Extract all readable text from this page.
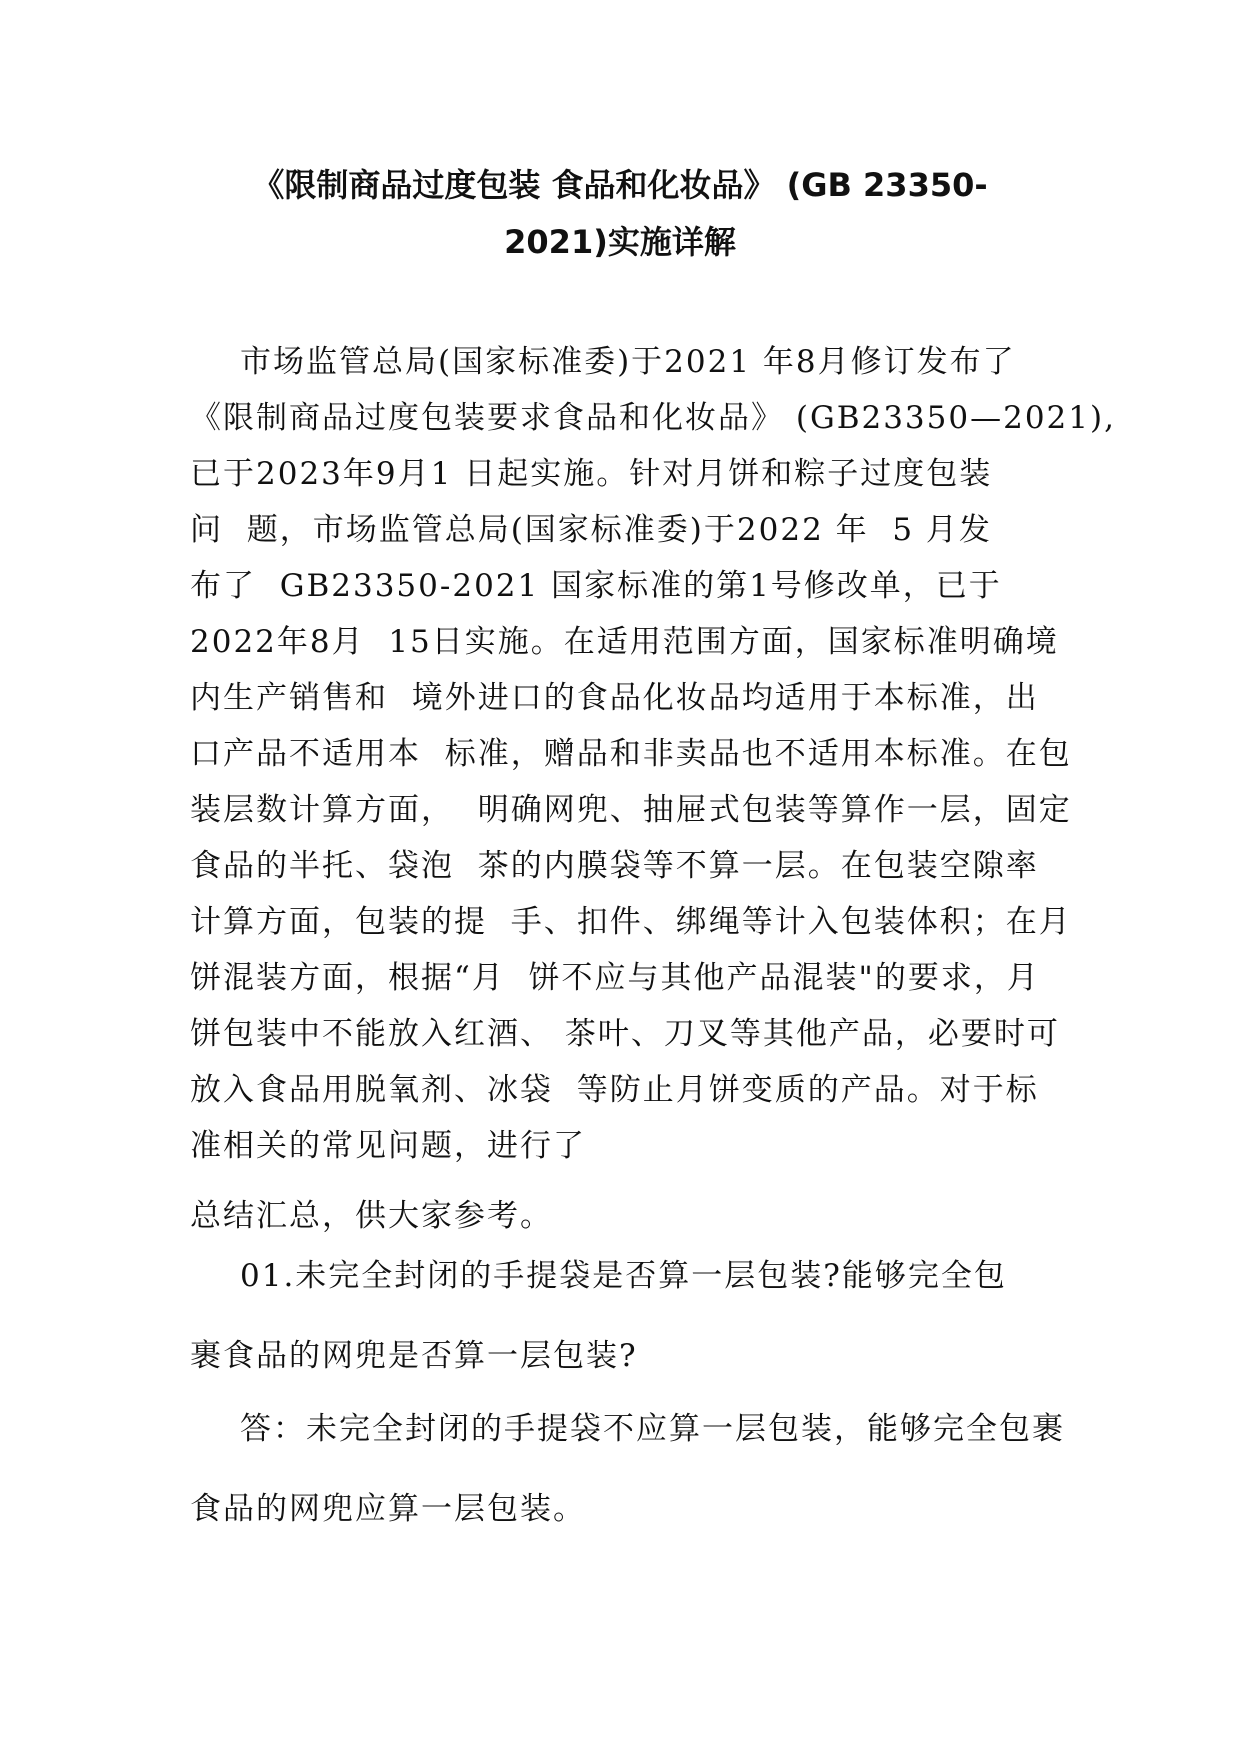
《限制商品过度包装 食品和化妆品》 (GB 23350-
2021)实施详解
市场监管总局(国家标准委)于2021 年8月修订发布了
《限制商品过度包装要求食品和化妆品》 (GB23350—2021),
已于2023年9月1 日起实施。针对月饼和粽子过度包装
问  题，市场监管总局(国家标准委)于2022 年  5 月发
布了  GB23350-2021 国家标准的第1号修改单，已于
2022年8月  15日实施。在适用范围方面，国家标准明确境
内生产销售和  境外进口的食品化妆品均适用于本标准，出
口产品不适用本  标准，赠品和非卖品也不适用本标准。在包
装层数计算方面，  明确网兜、抽屉式包装等算作一层，固定
食品的半托、袋泡  茶的内膜袋等不算一层。在包装空隙率
计算方面，包装的提  手、扣件、绑绳等计入包装体积；在月
饼混装方面，根据“月  饼不应与其他产品混装"的要求，月
饼包装中不能放入红酒、 茶叶、刀叉等其他产品，必要时可
放入食品用脱氧剂、冰袋  等防止月饼变质的产品。对于标
准相关的常见问题，进行了
总结汇总，供大家参考。
01.未完全封闭的手提袋是否算一层包装?能够完全包
裹食品的网兜是否算一层包装?
答：未完全封闭的手提袋不应算一层包装，能够完全包裹
食品的网兜应算一层包装。
